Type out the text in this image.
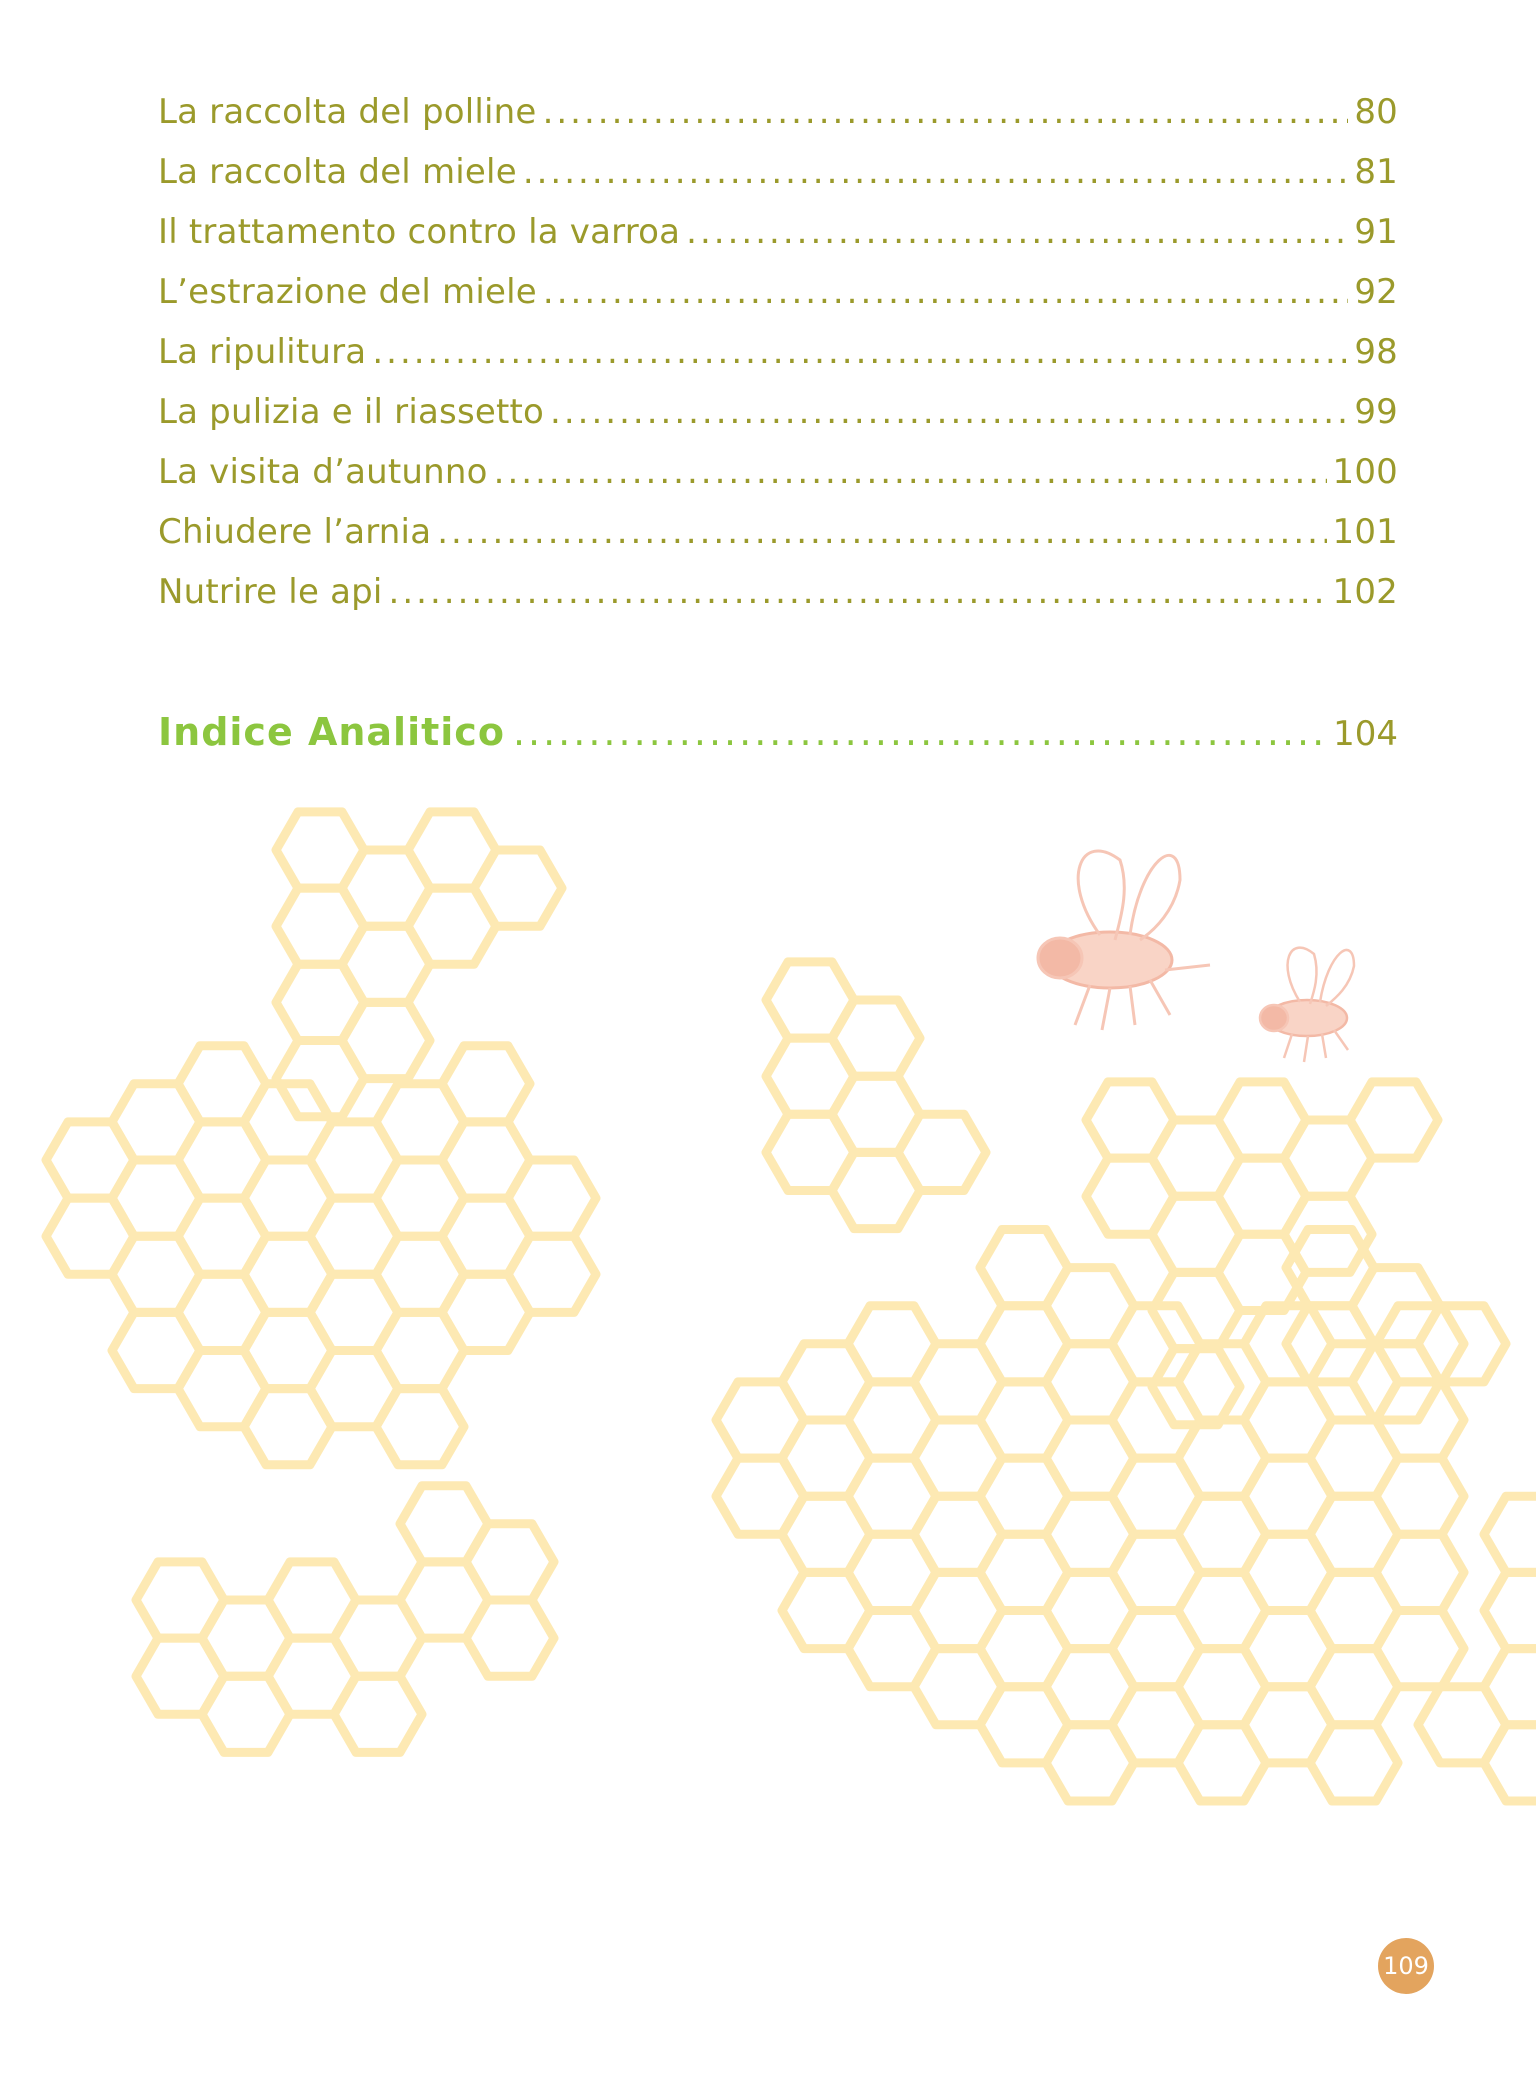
La raccolta del polline .....	80
La raccolta del miele .....	81
Il trattamento contro la varroa .....	91
L’estrazione del miele .....	92
La ripulitura .....	98
La pulizia e il riassetto .....	99
La visita d’autunno .....	100
Chiudere l’arnia .....	101
Nutrire le api .....	102
Indice Analitico .....	104
109
